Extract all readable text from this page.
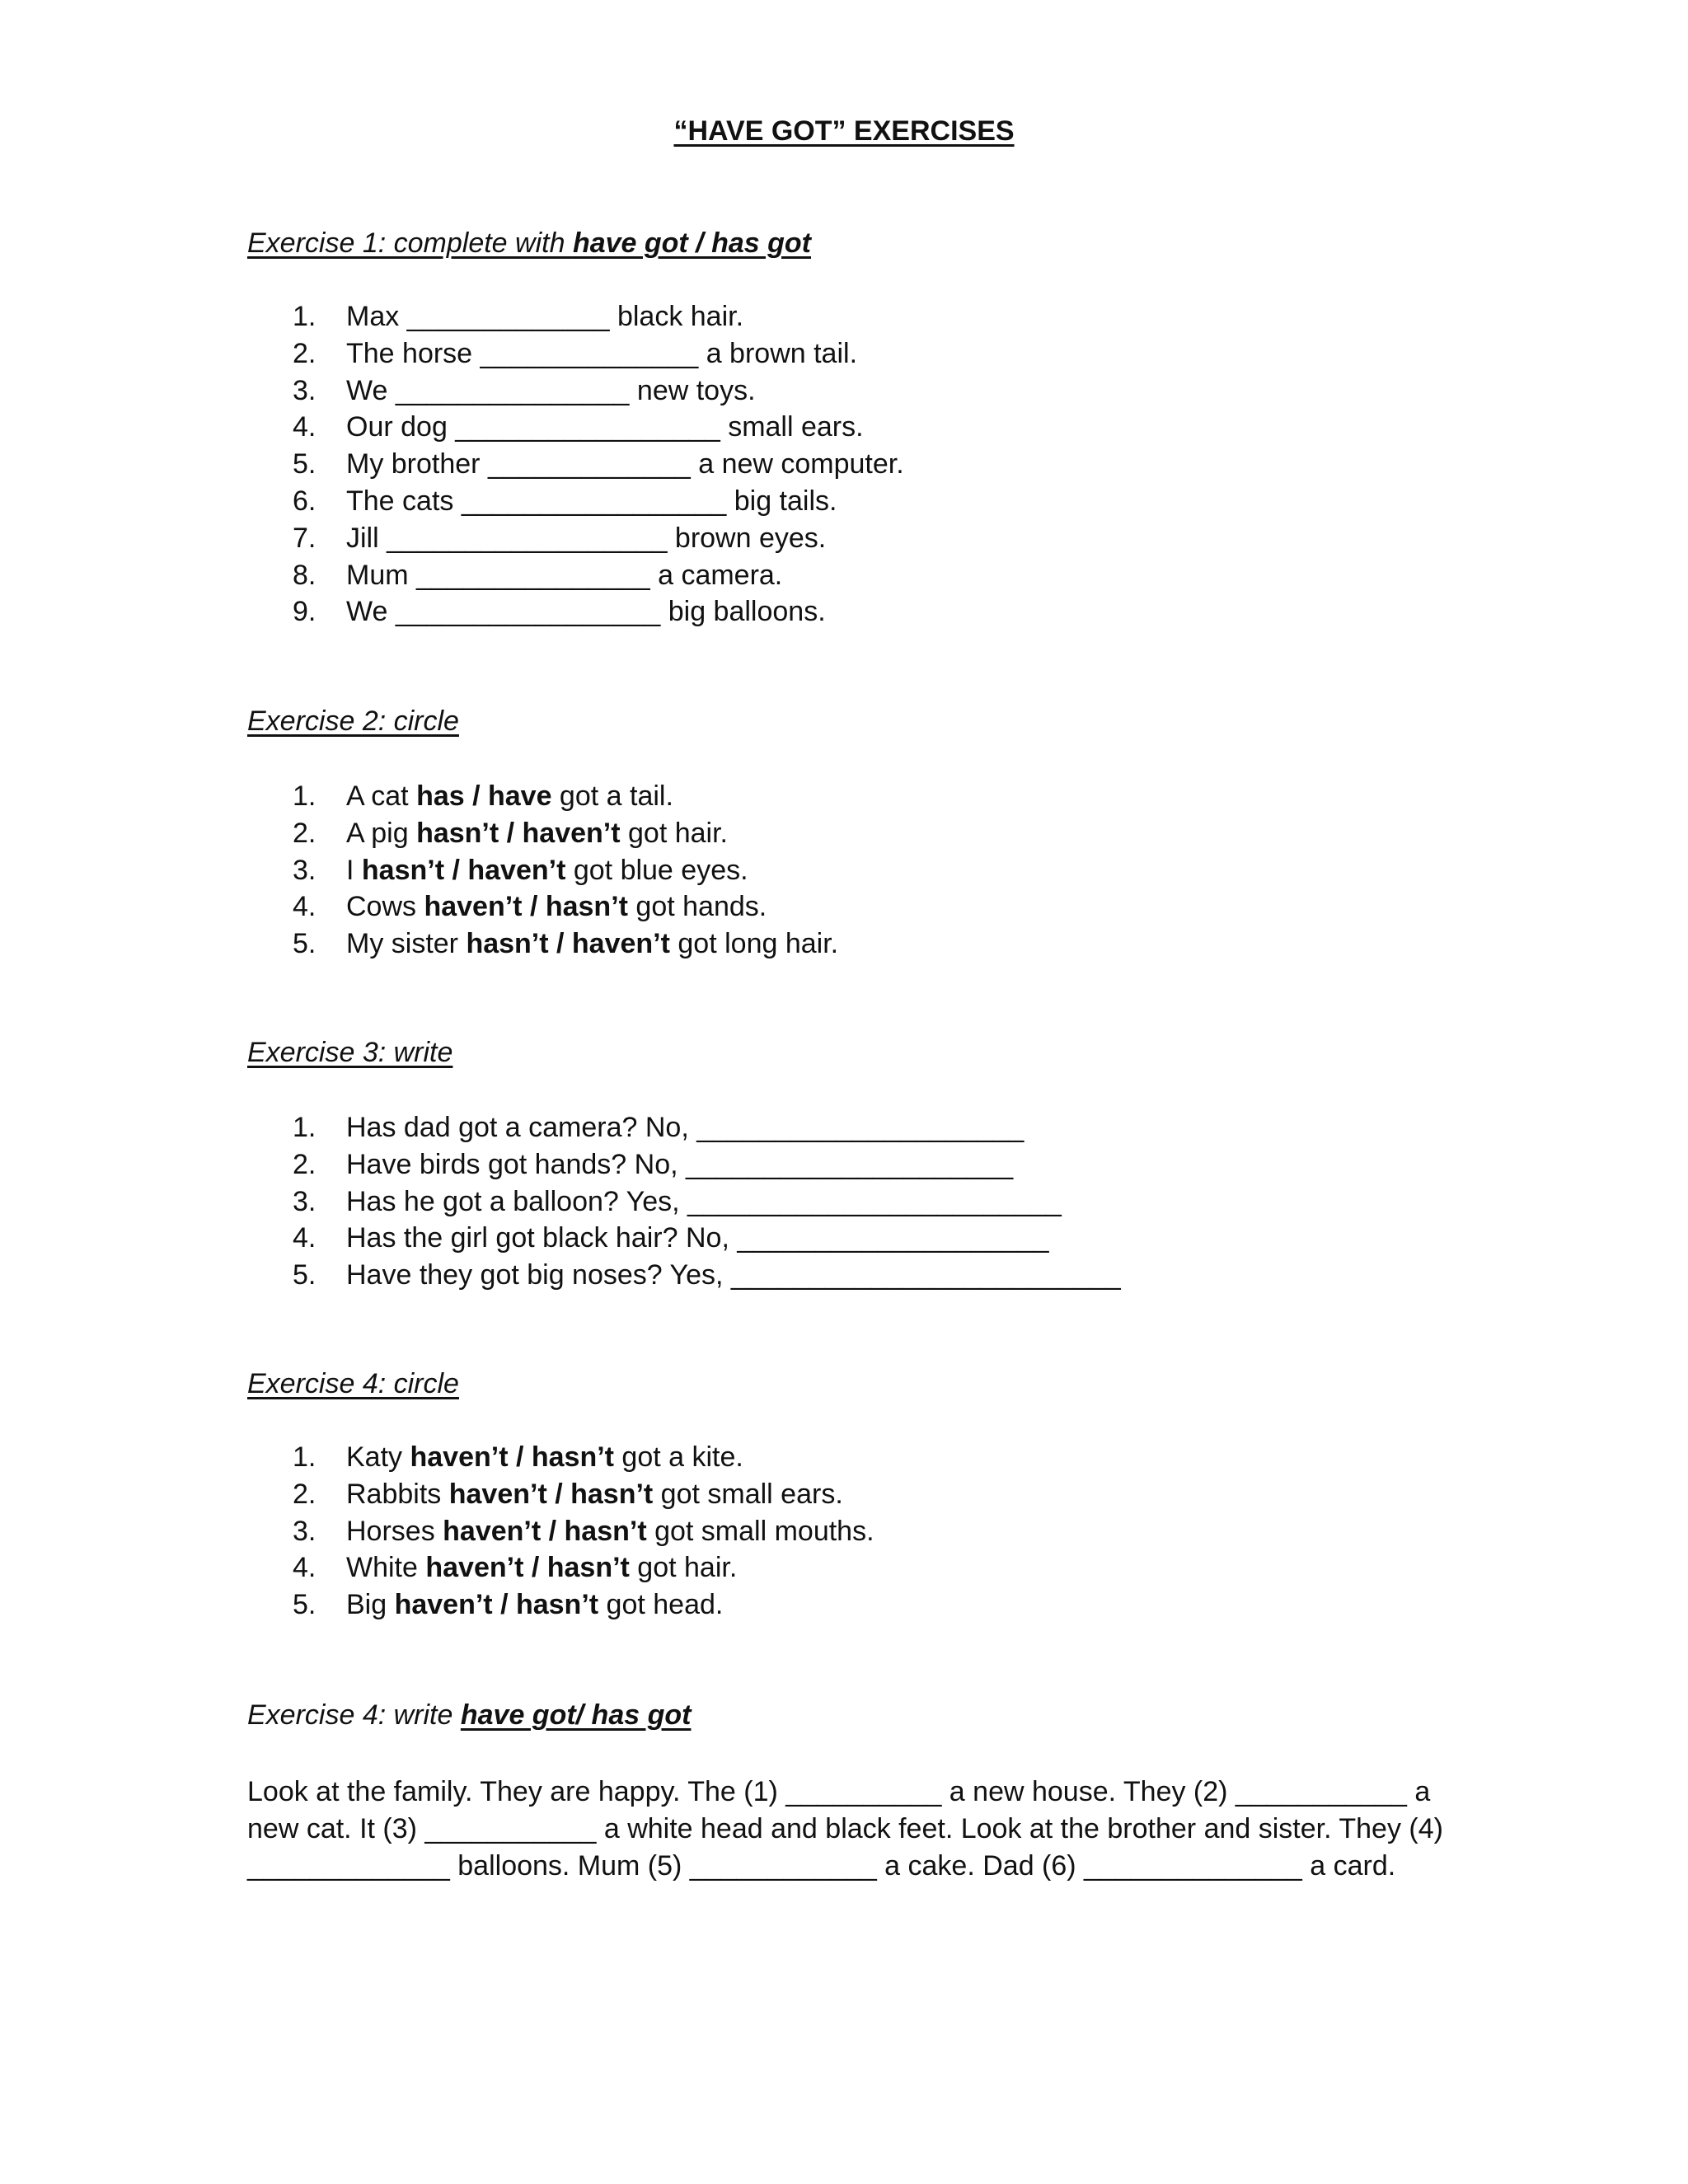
“HAVE GOT” EXERCISES
Exercise 1: complete with have got / has got
1.	Max _____________ black hair.
2.	The horse ______________ a brown tail.
3.	We _______________ new toys.
4.	Our dog _________________ small ears.
5.	My brother _____________ a new computer.
6.	The cats _________________ big tails.
7.	Jill __________________ brown eyes.
8.	Mum _______________ a camera.
9.	We _________________ big balloons.
Exercise 2: circle
1.	A cat has / have got a tail.
2.	A pig hasn’t / haven’t got hair.
3.	I hasn’t / haven’t got blue eyes.
4.	Cows haven’t / hasn’t got hands.
5.	My sister hasn’t / haven’t got long hair.
Exercise 3: write
1.	Has dad got a camera? No, _____________________
2.	Have birds got hands? No, _____________________
3.	Has he got a balloon? Yes, ________________________
4.	Has the girl got black hair? No, ____________________
5.	Have they got big noses? Yes, _________________________
Exercise 4: circle
1.	Katy haven’t / hasn’t got a kite.
2.	Rabbits haven’t / hasn’t got small ears.
3.	Horses haven’t / hasn’t got small mouths.
4.	White haven’t / hasn’t got hair.
5.	Big haven’t / hasn’t got head.
Exercise 4: write have got/ has got
Look at the family. They are happy. The (1) __________ a new house. They (2) ___________ a
new cat. It (3) ___________ a white head and black feet. Look at the brother and sister. They (4)
_____________ balloons. Mum (5) ____________ a cake. Dad (6) ______________ a card.
